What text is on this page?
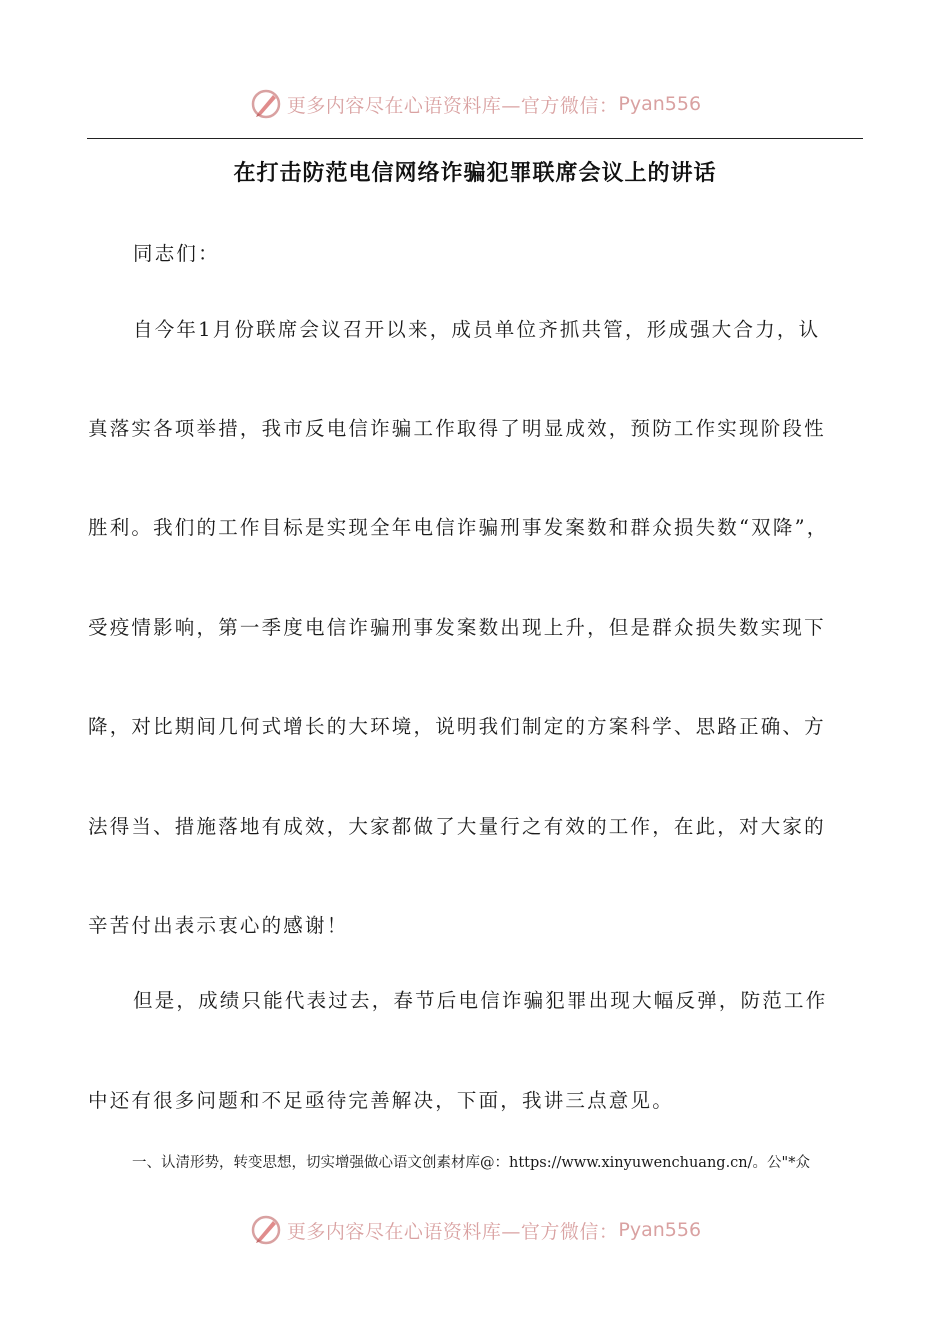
更多内容尽在心语资料库—官方微信： Pyan556
在打击防范电信网络诈骗犯罪联席会议上的讲话
同志们：
自今年1月份联席会议召开以来，成员单位齐抓共管，形成强大合力，认
真落实各项举措，我市反电信诈骗工作取得了明显成效，预防工作实现阶段性
胜利。我们的工作目标是实现全年电信诈骗刑事发案数和群众损失数“双降”，
受疫情影响，第一季度电信诈骗刑事发案数出现上升，但是群众损失数实现下
降，对比期间几何式增长的大环境，说明我们制定的方案科学、思路正确、方
法得当、措施落地有成效，大家都做了大量行之有效的工作，在此，对大家的
辛苦付出表示衷心的感谢！
但是，成绩只能代表过去，春节后电信诈骗犯罪出现大幅反弹，防范工作
中还有很多问题和不足亟待完善解决，下面，我讲三点意见。
一、认清形势，转变思想，切实增强做心语文创素材库@：https://www.xinyuwenchuang.cn/。公"*众
更多内容尽在心语资料库—官方微信： Pyan556
